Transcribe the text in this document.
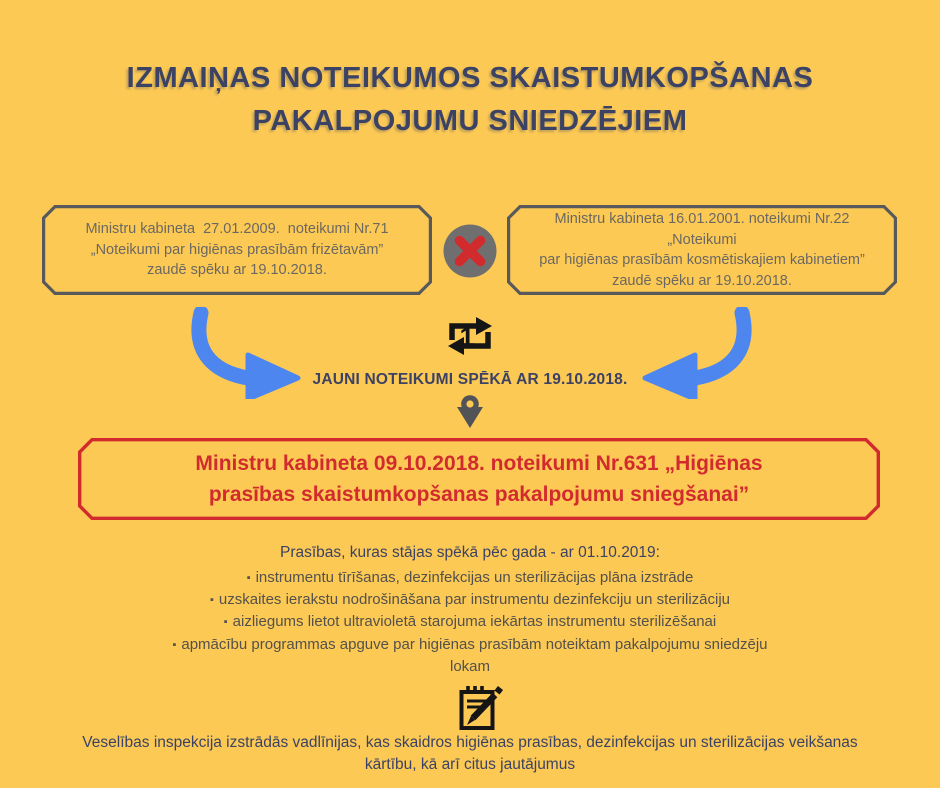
IZMAIŅAS NOTEIKUMOS SKAISTUMKOPŠANAS
PAKALPOJUMU SNIEDZĒJIEM
Ministru kabineta  27.01.2009.  noteikumi Nr.71
„Noteikumi par higiēnas prasībām frizētavām”
zaudē spēku ar 19.10.2018.
Ministru kabineta 16.01.2001. noteikumi Nr.22 „Noteikumi
par higiēnas prasībām kosmētiskajiem kabinetiem”
zaudē spēku ar 19.10.2018.
1
JAUNI NOTEIKUMI SPĒKĀ AR 19.10.2018.
Ministru kabineta 09.10.2018. noteikumi Nr.631 „Higiēnas
prasības skaistumkopšanas pakalpojumu sniegšanai”
Prasības, kuras stājas spēkā pēc gada - ar 01.10.2019:
▪ instrumentu tīrīšanas, dezinfekcijas un sterilizācijas plāna izstrāde
▪ uzskaites ierakstu nodrošināšana par instrumentu dezinfekciju un sterilizāciju
▪ aizliegums lietot ultravioletā starojuma iekārtas instrumentu sterilizēšanai
▪ apmācību programmas apguve par higiēnas prasībām noteiktam pakalpojumu sniedzēju lokam
Veselības inspekcija izstrādās vadlīnijas, kas skaidros higiēnas prasības, dezinfekcijas un sterilizācijas veikšanas kārtību, kā arī citus jautājumus
